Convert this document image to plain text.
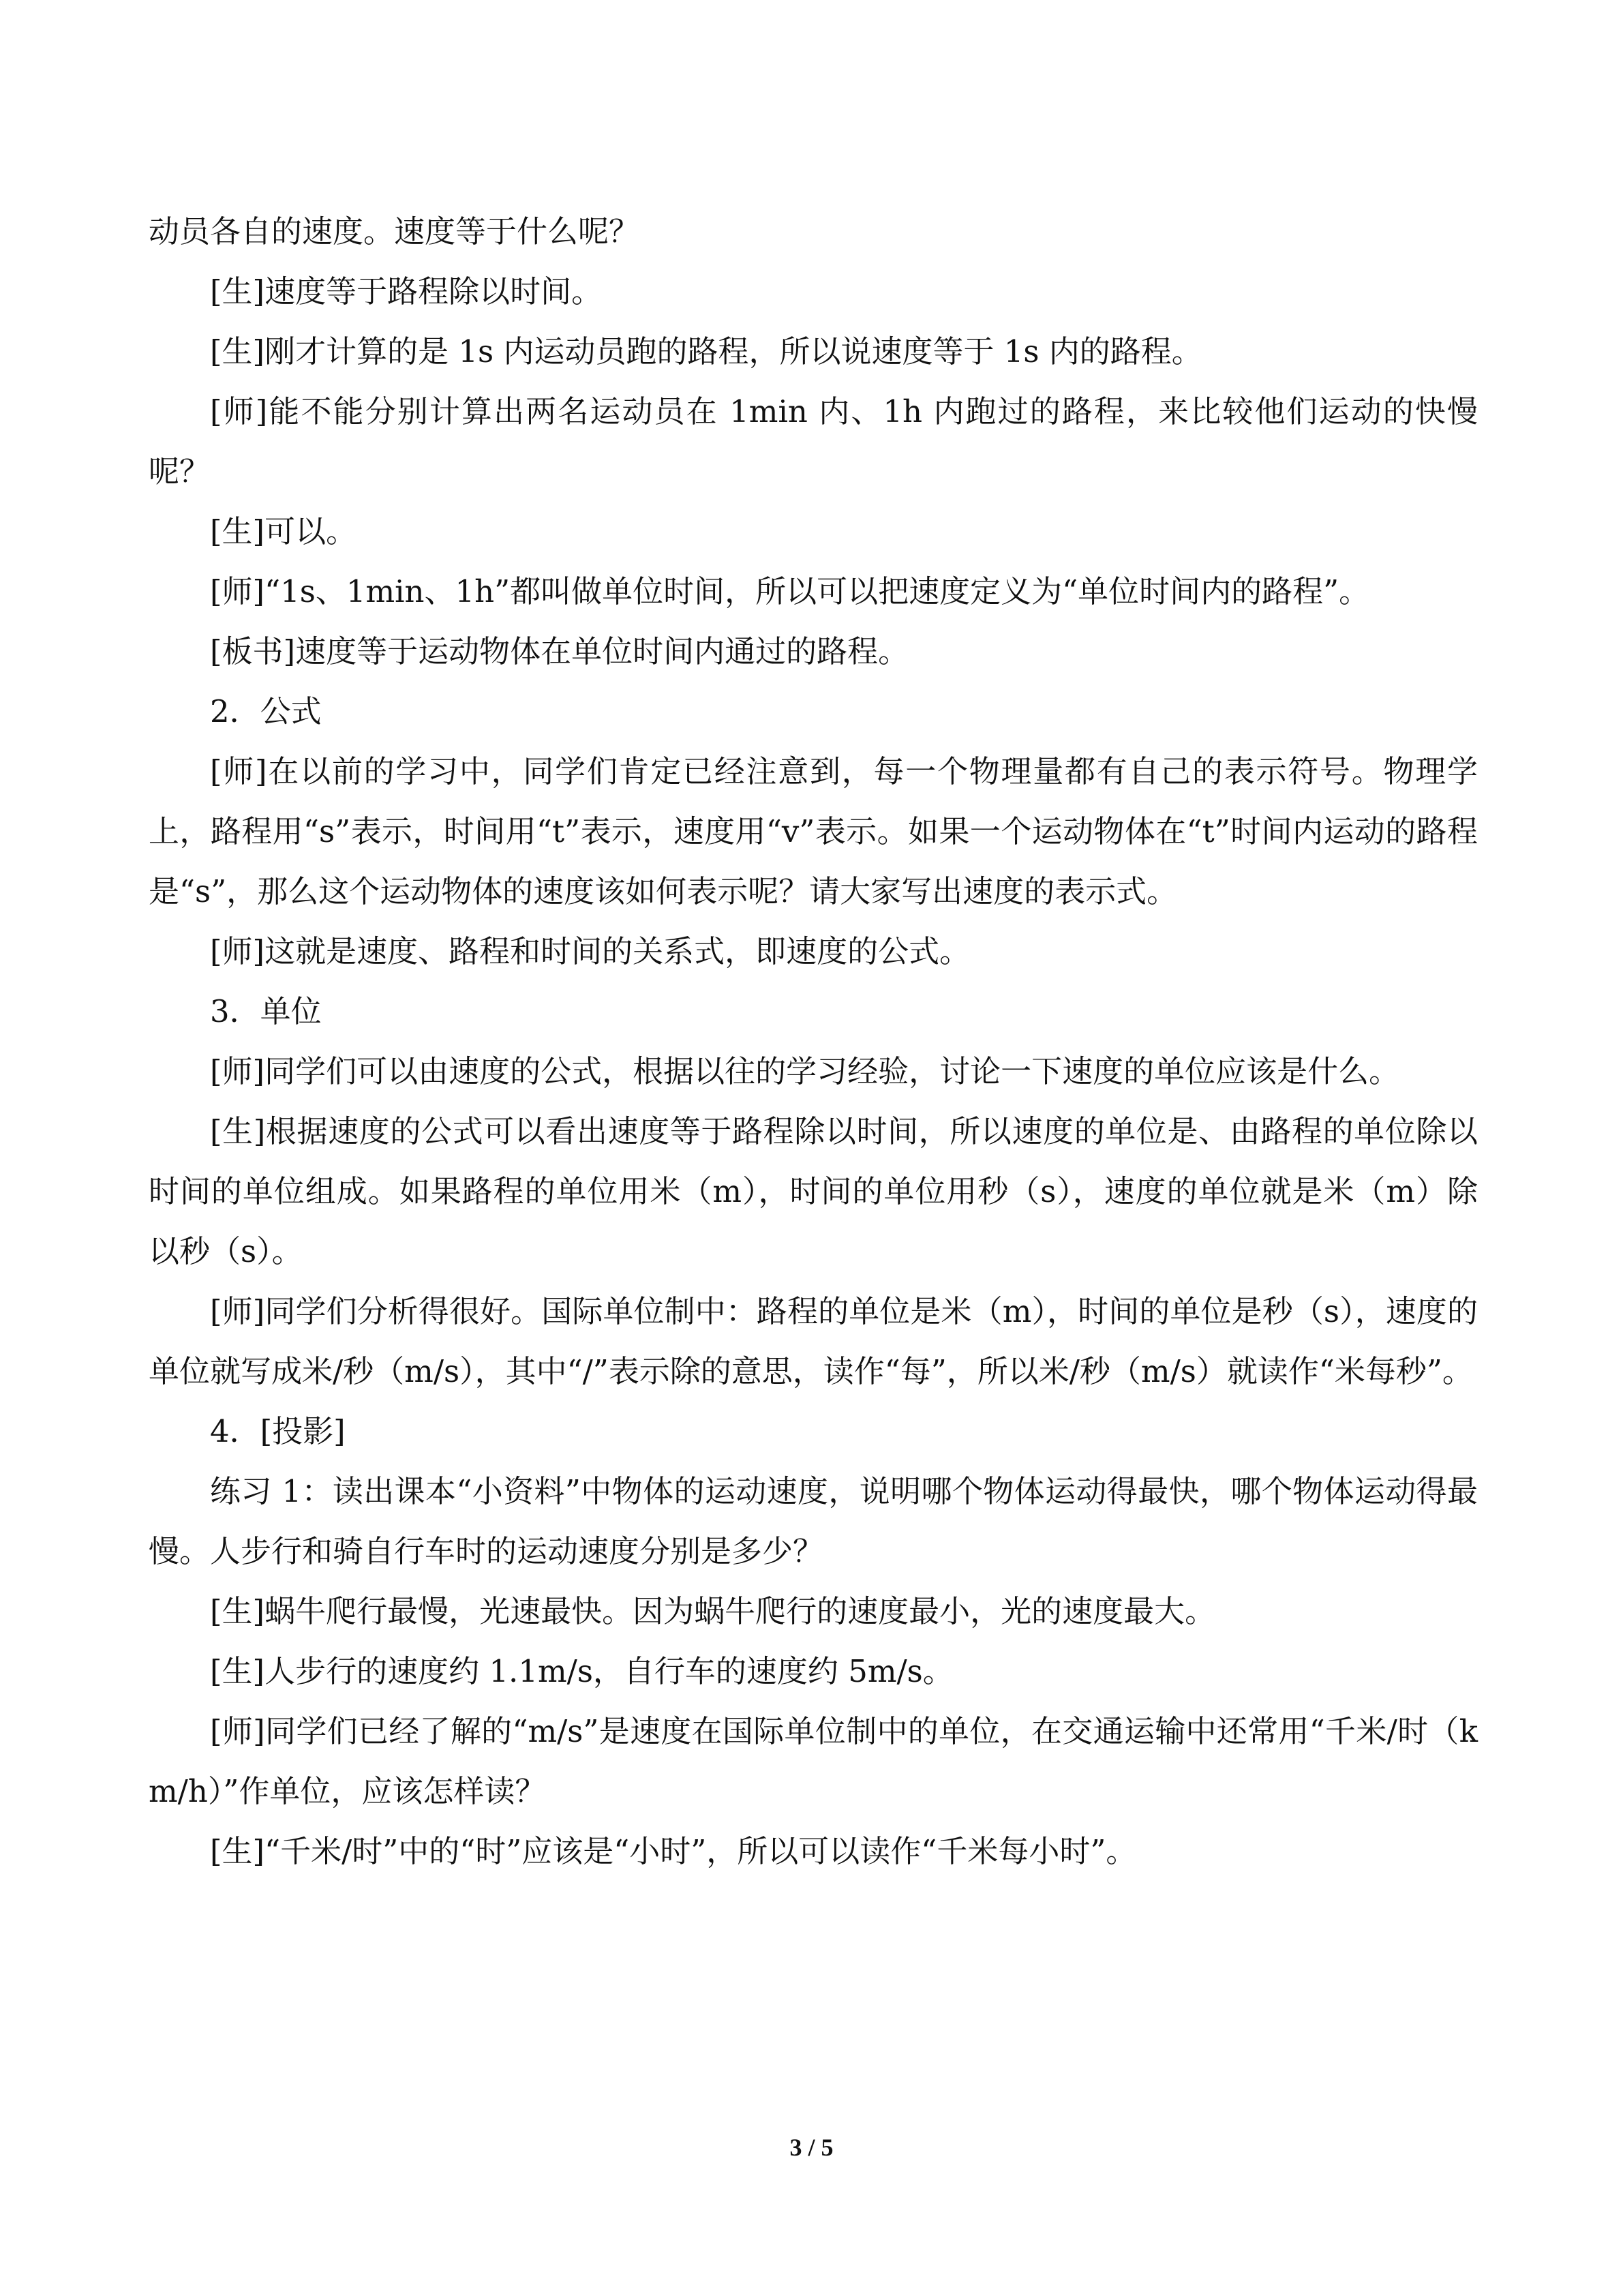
动员各自的速度。速度等于什么呢？

[生]速度等于路程除以时间。

[生]刚才计算的是 1s 内运动员跑的路程，所以说速度等于 1s 内的路程。

[师]能不能分别计算出两名运动员在 1min 内、1h 内跑过的路程，来比较他们运动的快慢呢？

[生]可以。

[师]“1s、1min、1h”都叫做单位时间，所以可以把速度定义为“单位时间内的路程”。

[板书]速度等于运动物体在单位时间内通过的路程。

2．公式

[师]在以前的学习中，同学们肯定已经注意到，每一个物理量都有自己的表示符号。物理学上，路程用“s”表示，时间用“t”表示，速度用“v”表示。如果一个运动物体在“t”时间内运动的路程是“s”，那么这个运动物体的速度该如何表示呢？请大家写出速度的表示式。

[师]这就是速度、路程和时间的关系式，即速度的公式。

3．单位

[师]同学们可以由速度的公式，根据以往的学习经验，讨论一下速度的单位应该是什么。

[生]根据速度的公式可以看出速度等于路程除以时间，所以速度的单位是、由路程的单位除以时间的单位组成。如果路程的单位用米（m），时间的单位用秒（s），速度的单位就是米（m）除以秒（s）。

[师]同学们分析得很好。国际单位制中：路程的单位是米（m），时间的单位是秒（s），速度的单位就写成米/秒（m/s），其中“/”表示除的意思，读作“每”，所以米/秒（m/s）就读作“米每秒”。

4．[投影]

练习 1：读出课本“小资料”中物体的运动速度，说明哪个物体运动得最快，哪个物体运动得最慢。人步行和骑自行车时的运动速度分别是多少？

[生]蜗牛爬行最慢，光速最快。因为蜗牛爬行的速度最小，光的速度最大。

[生]人步行的速度约 1.1m/s，自行车的速度约 5m/s。

[师]同学们已经了解的“m/s”是速度在国际单位制中的单位，在交通运输中还常用“千米/时（km/h）”作单位，应该怎样读？

[生]“千米/时”中的“时”应该是“小时”，所以可以读作“千米每小时”。

3 / 5
